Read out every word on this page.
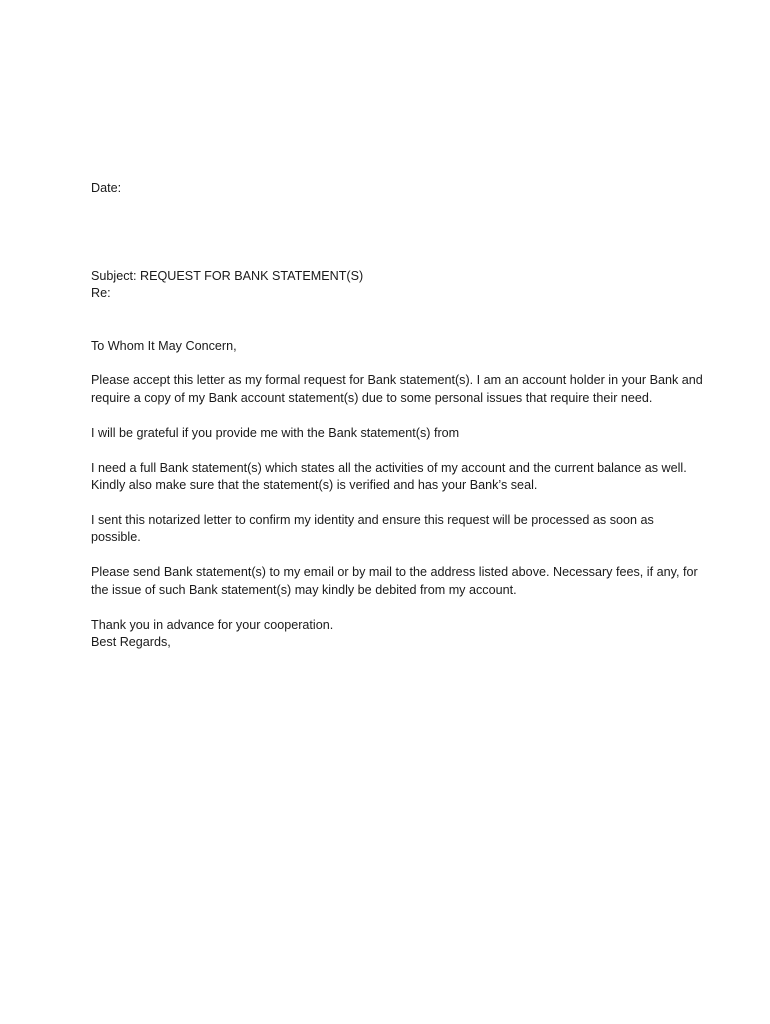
Date:
Subject: REQUEST FOR BANK STATEMENT(S)
Re:
To Whom It May Concern,
Please accept this letter as my formal request for Bank statement(s). I am an account holder in your Bank and
require a copy of my Bank account statement(s) due to some personal issues that require their need.
I will be grateful if you provide me with the Bank statement(s) from
I need a full Bank statement(s) which states all the activities of my account and the current balance as well.
Kindly also make sure that the statement(s) is verified and has your Bank’s seal.
I sent this notarized letter to confirm my identity and ensure this request will be processed as soon as
possible.
Please send Bank statement(s) to my email or by mail to the address listed above. Necessary fees, if any, for
the issue of such Bank statement(s) may kindly be debited from my account.
Thank you in advance for your cooperation.
Best Regards,
